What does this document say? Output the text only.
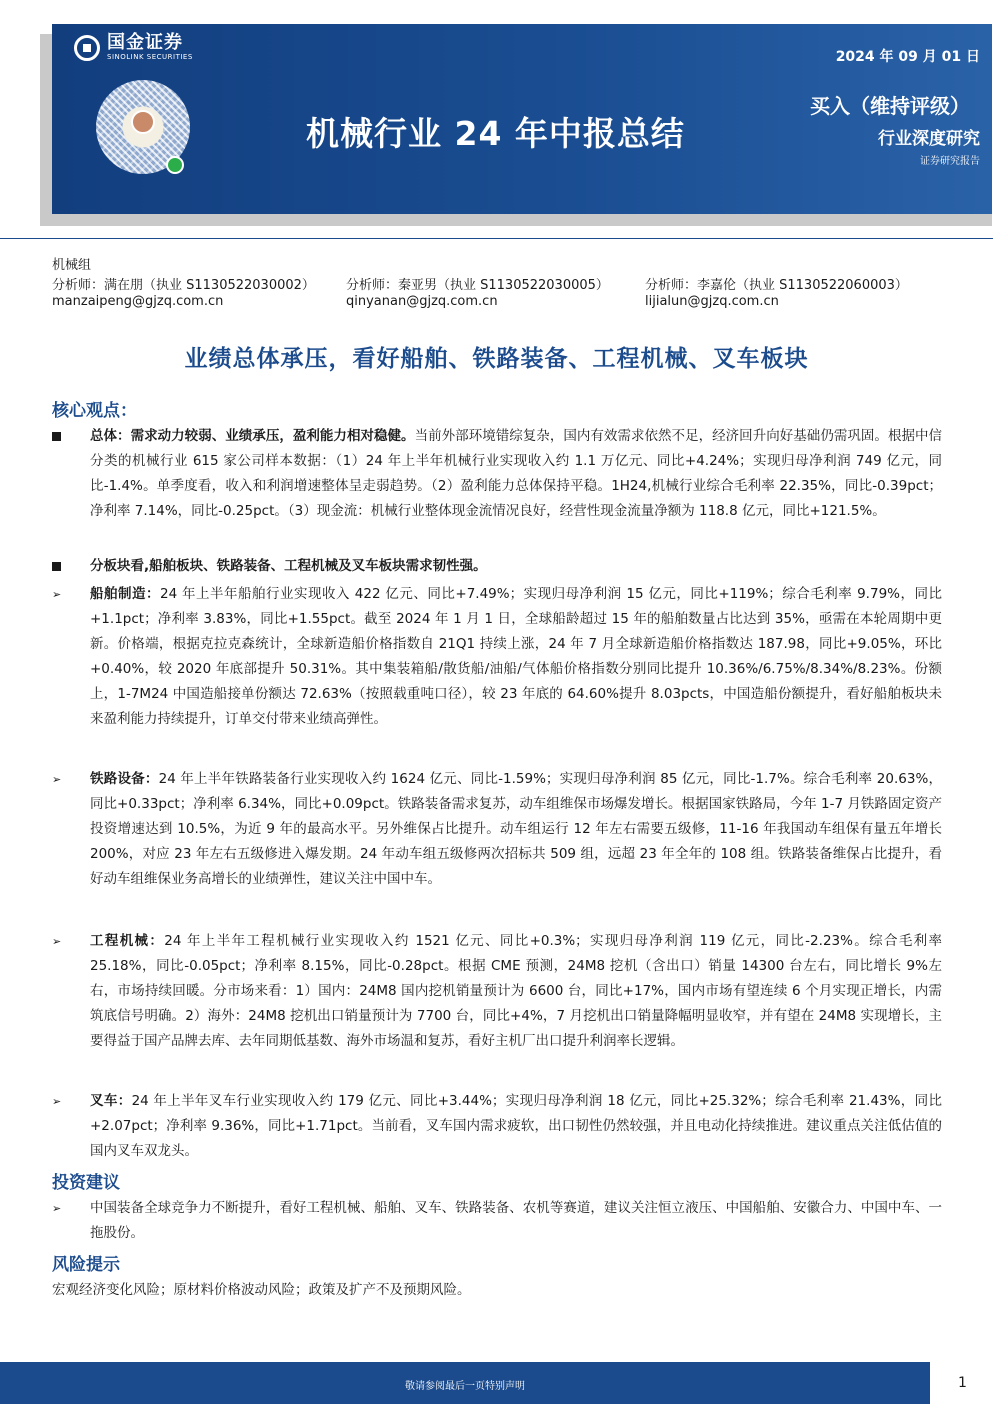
国金证券
SINOLINK SECURITIES
机械行业 24 年中报总结
2024 年 09 月 01 日
买入（维持评级）
行业深度研究
证券研究报告
机械组
分析师：满在朋（执业 S1130522030002）
manzaipeng@gjzq.com.cn
分析师：秦亚男（执业 S1130522030005）
qinyanan@gjzq.com.cn
分析师：李嘉伦（执业 S1130522060003）
lijialun@gjzq.com.cn
业绩总体承压，看好船舶、铁路装备、工程机械、叉车板块
核心观点：
总体：需求动力较弱、业绩承压，盈利能力相对稳健。当前外部环境错综复杂，国内有效需求依然不足，经济回升向好基础仍需巩固。根据中信分类的机械行业 615 家公司样本数据：（1）24 年上半年机械行业实现收入约 1.1 万亿元、同比+4.24%；实现归母净利润 749 亿元，同比-1.4%。单季度看，收入和利润增速整体呈走弱趋势。（2）盈利能力总体保持平稳。1H24,机械行业综合毛利率 22.35%，同比-0.39pct；净利率 7.14%，同比-0.25pct。（3）现金流：机械行业整体现金流情况良好，经营性现金流量净额为 118.8 亿元，同比+121.5%。
分板块看,船舶板块、铁路装备、工程机械及叉车板块需求韧性强。
➢	船舶制造：24 年上半年船舶行业实现收入 422 亿元、同比+7.49%；实现归母净利润 15 亿元，同比+119%；综合毛利率 9.79%，同比+1.1pct；净利率 3.83%，同比+1.55pct。截至 2024 年 1 月 1 日，全球船龄超过 15 年的船舶数量占比达到 35%，亟需在本轮周期中更新。价格端，根据克拉克森统计，全球新造船价格指数自 21Q1 持续上涨，24 年 7 月全球新造船价格指数达 187.98，同比+9.05%，环比+0.40%，较 2020 年底部提升 50.31%。其中集装箱船/散货船/油船/气体船价格指数分别同比提升 10.36%/6.75%/8.34%/8.23%。份额上，1-7M24 中国造船接单份额达 72.63%（按照载重吨口径），较 23 年底的 64.60%提升 8.03pcts，中国造船份额提升，看好船舶板块未来盈利能力持续提升，订单交付带来业绩高弹性。
➢	铁路设备：24 年上半年铁路装备行业实现收入约 1624 亿元、同比-1.59%；实现归母净利润 85 亿元，同比-1.7%。综合毛利率 20.63%，同比+0.33pct；净利率 6.34%，同比+0.09pct。铁路装备需求复苏，动车组维保市场爆发增长。根据国家铁路局，今年 1-7 月铁路固定资产投资增速达到 10.5%，为近 9 年的最高水平。另外维保占比提升。动车组运行 12 年左右需要五级修，11-16 年我国动车组保有量五年增长 200%，对应 23 年左右五级修进入爆发期。24 年动车组五级修两次招标共 509 组，远超 23 年全年的 108 组。铁路装备维保占比提升，看好动车组维保业务高增长的业绩弹性，建议关注中国中车。
➢	工程机械：24 年上半年工程机械行业实现收入约 1521 亿元、同比+0.3%；实现归母净利润 119 亿元，同比-2.23%。综合毛利率 25.18%，同比-0.05pct；净利率 8.15%，同比-0.28pct。根据 CME 预测，24M8 挖机（含出口）销量 14300 台左右，同比增长 9%左右，市场持续回暖。分市场来看：1）国内：24M8 国内挖机销量预计为 6600 台，同比+17%，国内市场有望连续 6 个月实现正增长，内需筑底信号明确。2）海外：24M8 挖机出口销量预计为 7700 台，同比+4%，7 月挖机出口销量降幅明显收窄，并有望在 24M8 实现增长，主要得益于国产品牌去库、去年同期低基数、海外市场温和复苏，看好主机厂出口提升利润率长逻辑。
➢	叉车：24 年上半年叉车行业实现收入约 179 亿元、同比+3.44%；实现归母净利润 18 亿元，同比+25.32%；综合毛利率 21.43%，同比+2.07pct；净利率 9.36%，同比+1.71pct。当前看，叉车国内需求疲软，出口韧性仍然较强，并且电动化持续推进。建议重点关注低估值的国内叉车双龙头。
投资建议
➢	中国装备全球竞争力不断提升，看好工程机械、船舶、叉车、铁路装备、农机等赛道，建议关注恒立液压、中国船舶、安徽合力、中国中车、一拖股份。
风险提示
宏观经济变化风险；原材料价格波动风险；政策及扩产不及预期风险。
敬请参阅最后一页特别声明	1
